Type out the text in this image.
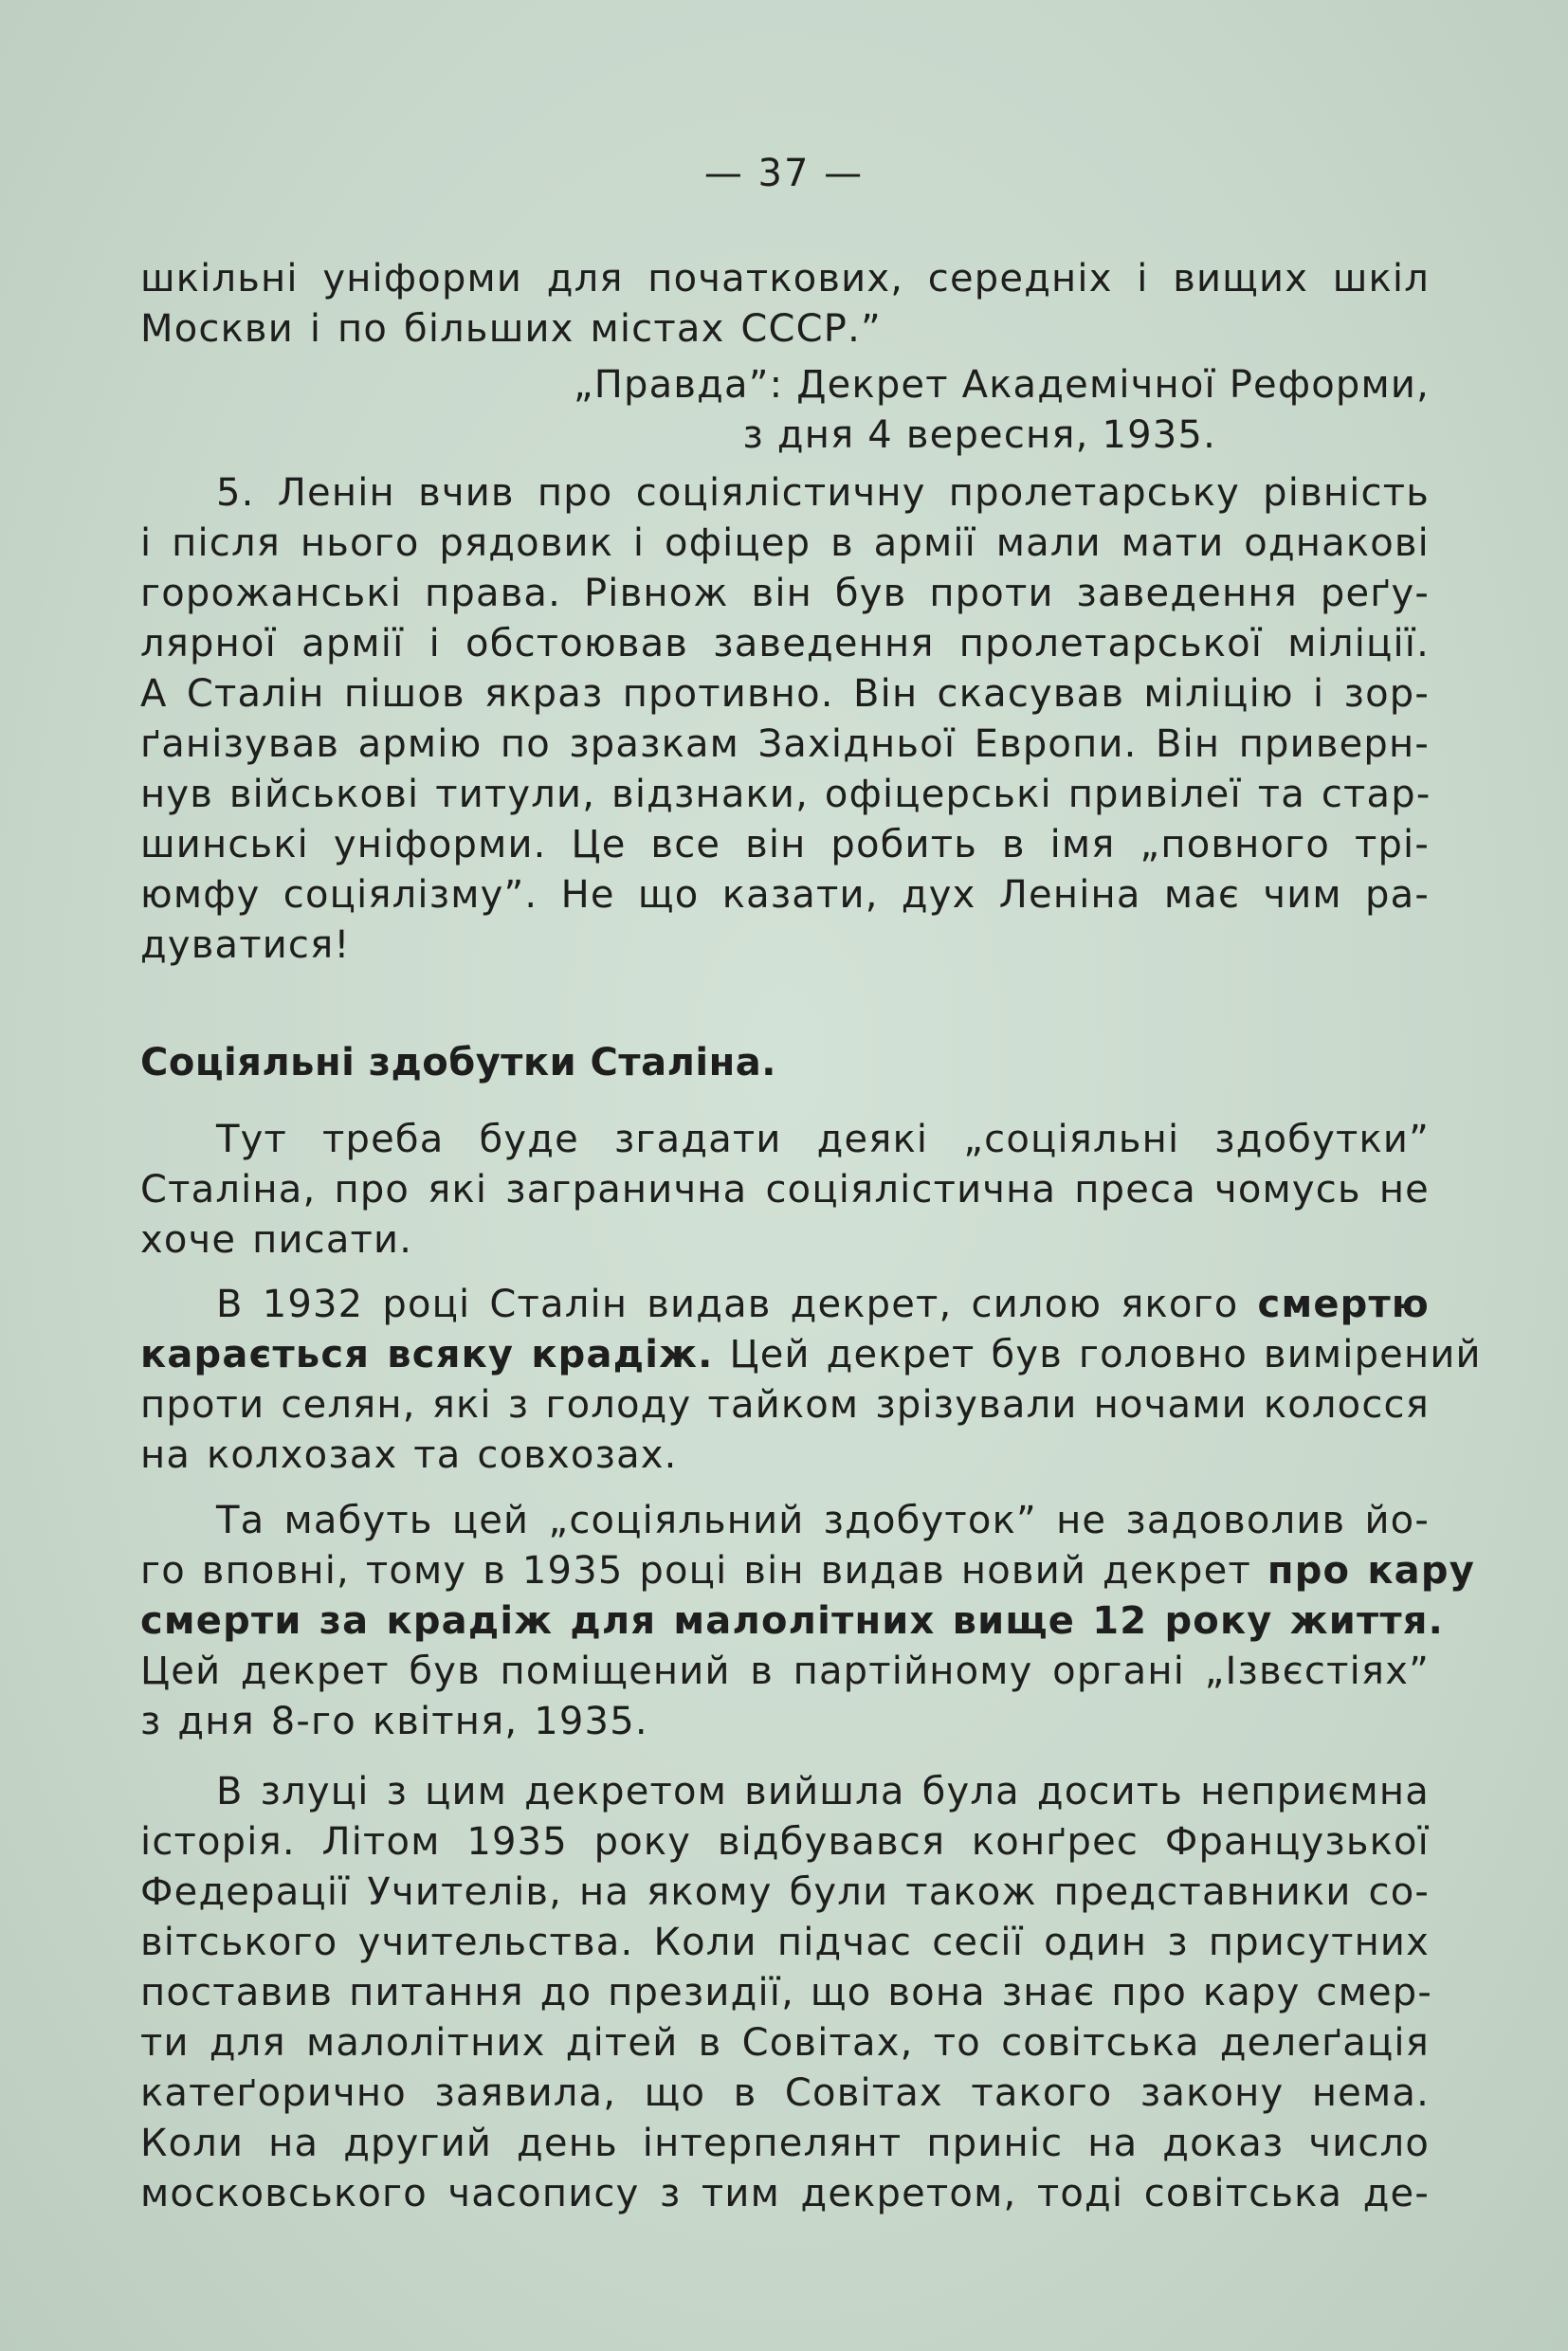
— 37 —
шкільні уніформи для початкових, середніх і вищих шкіл
Москви і по більших містах СССР.”
„Правда”: Декрет Академічної Реформи,
з дня 4 вересня, 1935.
5. Ленін вчив про соціялістичну пролетарську рівність
і після нього рядовик і офіцер в армії мали мати однакові
горожанські права. Рівнож він був проти заведення реґу-
лярної армії і обстоював заведення пролетарської міліції.
А Сталін пішов якраз противно. Він скасував міліцію і зор-
ґанізував армію по зразкам Західньої Европи. Він приверн-
нув військові титули, відзнаки, офіцерські привілеї та стар-
шинські уніформи. Це все він робить в імя „повного трі-
юмфу соціялізму”. Не що казати, дух Леніна має чим ра-
дуватися!
Соціяльні здобутки Сталіна.
Тут треба буде згадати деякі „соціяльні здобутки”
Сталіна, про які загранична соціялістична преса чомусь не
хоче писати.
В 1932 році Сталін видав декрет, силою якого смертю
карається всяку крадіж. Цей декрет був головно вимірений
проти селян, які з голоду тайком зрізували ночами колосся
на колхозах та совхозах.
Та мабуть цей „соціяльний здобуток” не задоволив йо-
го вповні, тому в 1935 році він видав новий декрет про кару
смерти за крадіж для малолітних вище 12 року життя.
Цей декрет був поміщений в партійному органі „Ізвєстіях”
з дня 8-го квітня, 1935.
В злуці з цим декретом вийшла була досить неприємна
історія. Літом 1935 року відбувався конґрес Французької
Федерації Учителів, на якому були також представники со-
вітського учительства. Коли підчас сесії один з присутних
поставив питання до президії, що вона знає про кару смер-
ти для малолітних дітей в Совітах, то совітська делеґація
катеґорично заявила, що в Совітах такого закону нема.
Коли на другий день інтерпелянт приніс на доказ число
московського часопису з тим декретом, тоді совітська де-
